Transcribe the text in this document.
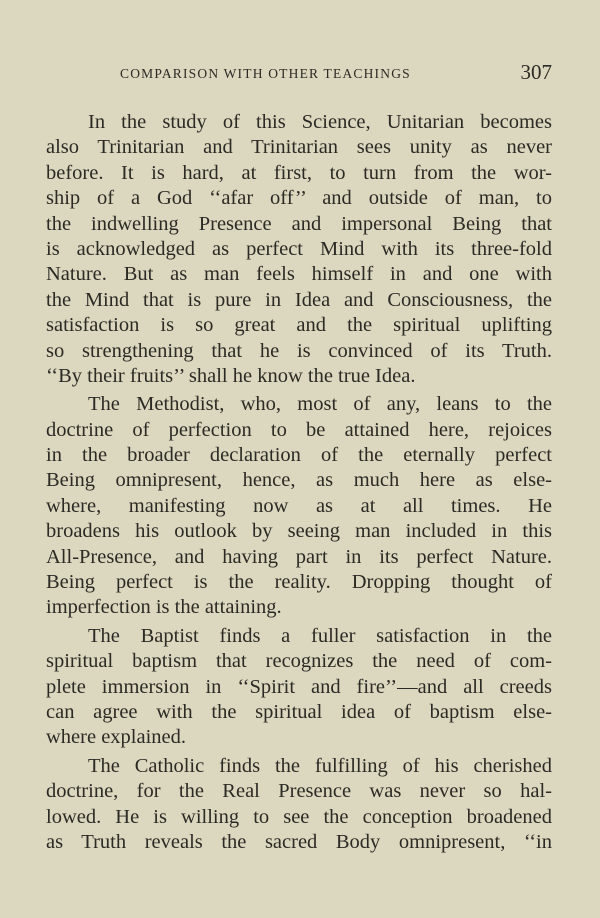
COMPARISON WITH OTHER TEACHINGS	307
In the study of this Science, Unitarian becomes
also Trinitarian and Trinitarian sees unity as never
before. It is hard, at first, to turn from the wor-
ship of a God ‘‘afar off’’ and outside of man, to
the indwelling Presence and impersonal Being that
is acknowledged as perfect Mind with its three-fold
Nature. But as man feels himself in and one with
the Mind that is pure in Idea and Consciousness, the
satisfaction is so great and the spiritual uplifting
so strengthening that he is convinced of its Truth.
‘‘By their fruits’’ shall he know the true Idea.
The Methodist, who, most of any, leans to the
doctrine of perfection to be attained here, rejoices
in the broader declaration of the eternally perfect
Being omnipresent, hence, as much here as else-
where, manifesting now as at all times. He
broadens his outlook by seeing man included in this
All-Presence, and having part in its perfect Nature.
Being perfect is the reality. Dropping thought of
imperfection is the attaining.
The Baptist finds a fuller satisfaction in the
spiritual baptism that recognizes the need of com-
plete immersion in ‘‘Spirit and fire’’—and all creeds
can agree with the spiritual idea of baptism else-
where explained.
The Catholic finds the fulfilling of his cherished
doctrine, for the Real Presence was never so hal-
lowed. He is willing to see the conception broadened
as Truth reveals the sacred Body omnipresent, ‘‘in
